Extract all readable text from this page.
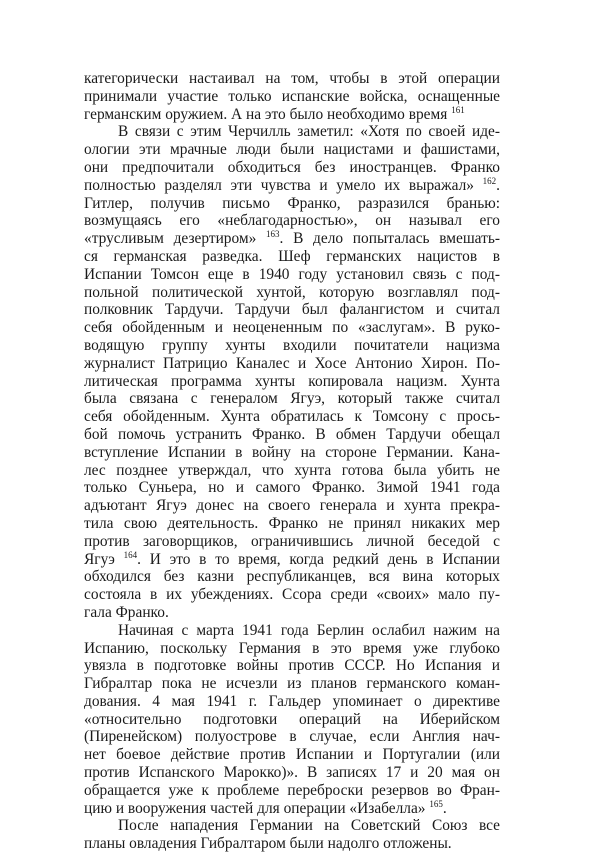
категорически настаивал на том, чтобы в этой операции
принимали участие только испанские войска, оснащенные
германским оружием. А на это было необходимо время $^{161}$
В связи с этим Черчилль заметил: «Хотя по своей иде-
ологии эти мрачные люди были нацистами и фашистами,
они предпочитали обходиться без иностранцев. Франко
полностью разделял эти чувства и умело их выражал» $^{162}$.
Гитлер, получив письмо Франко, разразился бранью:
возмущаясь его «неблагодарностью», он называл его
«трусливым дезертиром» $^{163}$. В дело попыталась вмешать-
ся германская разведка. Шеф германских нацистов в
Испании Томсон еще в 1940 году установил связь с под-
польной политической хунтой, которую возглавлял под-
полковник Тардучи. Тардучи был фалангистом и считал
себя обойденным и неоцененным по «заслугам». В руко-
водящую группу хунты входили почитатели нацизма
журналист Патрицио Каналес и Хосе Антонио Хирон. По-
литическая программа хунты копировала нацизм. Хунта
была связана с генералом Ягуэ, который также считал
себя обойденным. Хунта обратилась к Томсону с прось-
бой помочь устранить Франко. В обмен Тардучи обещал
вступление Испании в войну на стороне Германии. Кана-
лес позднее утверждал, что хунта готова была убить не
только Суньера, но и самого Франко. Зимой 1941 года
адъютант Ягуэ донес на своего генерала и хунта прекра-
тила свою деятельность. Франко не принял никаких мер
против заговорщиков, ограничившись личной беседой с
Ягуэ $^{164}$. И это в то время, когда редкий день в Испании
обходился без казни республиканцев, вся вина которых
состояла в их убеждениях. Ссора среди «своих» мало пу-
гала Франко.
Начиная с марта 1941 года Берлин ослабил нажим на
Испанию, поскольку Германия в это время уже глубоко
увязла в подготовке войны против СССР. Но Испания и
Гибралтар пока не исчезли из планов германского коман-
дования. 4 мая 1941 г. Гальдер упоминает о директиве
«относительно подготовки операций на Иберийском
(Пиренейском) полуострове в случае, если Англия нач-
нет боевое действие против Испании и Португалии (или
против Испанского Марокко)». В записях 17 и 20 мая он
обращается уже к проблеме переброски резервов во Фран-
цию и вооружения частей для операции «Изабелла» $^{165}$.
После нападения Германии на Советский Союз все
планы овладения Гибралтаром были надолго отложены.
